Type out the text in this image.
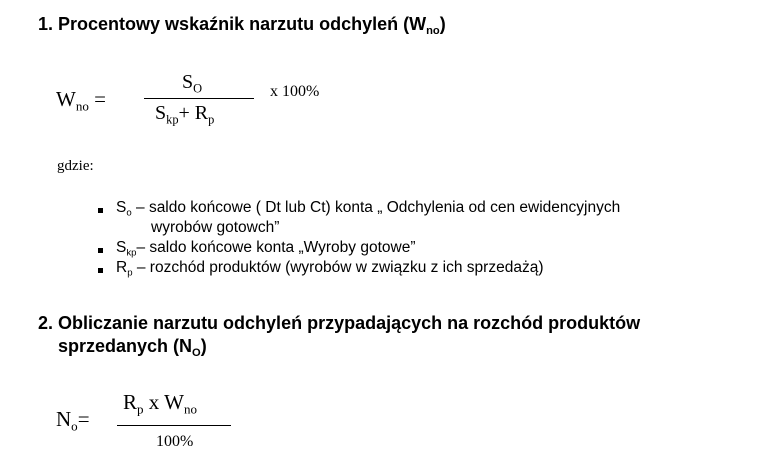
1. Procentowy wskaźnik narzutu odchyleń $(W_{no})$
$W_{no}$ =
$S_O$
$S_{kp}+ R_p$
x 100%
gdzie:
$S_o$ – saldo końcowe ( Dt lub Ct) konta „ Odchylenia od cen ewidencyjnych
wyrobów gotowch”
$S_{kp}-$ saldo końcowe konta „Wyroby gotowe”
$R_p$ – rozchód produktów (wyrobów w związku z ich sprzedażą)
2. Obliczanie narzutu odchyleń przypadających na rozchód produktów
sprzedanych $(N_O)$
$N_o=$
$R_p$ x $W_{no}$
100%
